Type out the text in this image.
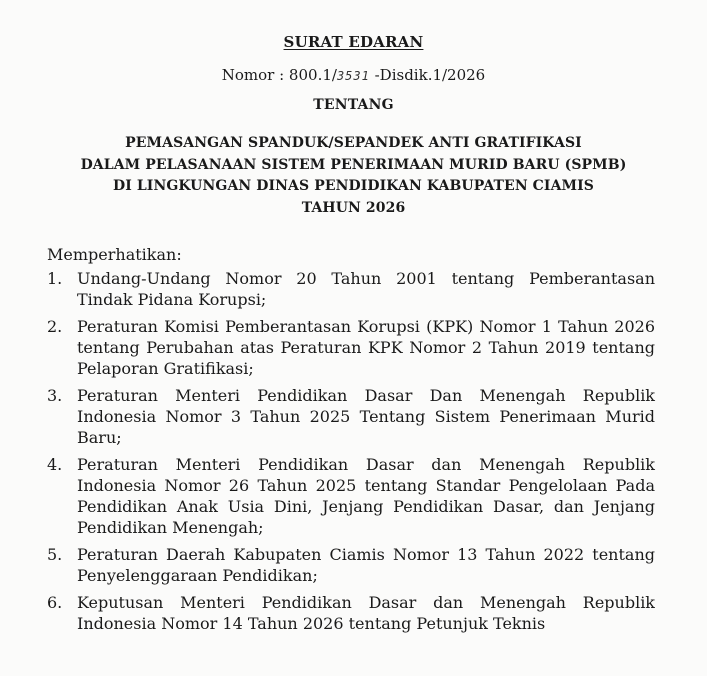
SURAT EDARAN
Nomor : 800.1/3531 -Disdik.1/2026
TENTANG
PEMASANGAN SPANDUK/SEPANDEK ANTI GRATIFIKASI
DALAM PELASANAAN SISTEM PENERIMAAN MURID BARU (SPMB)
DI LINGKUNGAN DINAS PENDIDIKAN KABUPATEN CIAMIS
TAHUN 2026
Memperhatikan:
1. Undang-Undang Nomor 20 Tahun 2001 tentang Pemberantasan Tindak Pidana Korupsi;
2. Peraturan Komisi Pemberantasan Korupsi (KPK) Nomor 1 Tahun 2026 tentang Perubahan atas Peraturan KPK Nomor 2 Tahun 2019 tentang Pelaporan Gratifikasi;
3. Peraturan Menteri Pendidikan Dasar Dan Menengah Republik Indonesia Nomor 3 Tahun 2025 Tentang Sistem Penerimaan Murid Baru;
4. Peraturan Menteri Pendidikan Dasar dan Menengah Republik Indonesia Nomor 26 Tahun 2025 tentang Standar Pengelolaan Pada Pendidikan Anak Usia Dini, Jenjang Pendidikan Dasar, dan Jenjang Pendidikan Menengah;
5. Peraturan Daerah Kabupaten Ciamis Nomor 13 Tahun 2022 tentang Penyelenggaraan Pendidikan;
6. Keputusan Menteri Pendidikan Dasar dan Menengah Republik Indonesia Nomor 14 Tahun 2026 tentang Petunjuk Teknis
